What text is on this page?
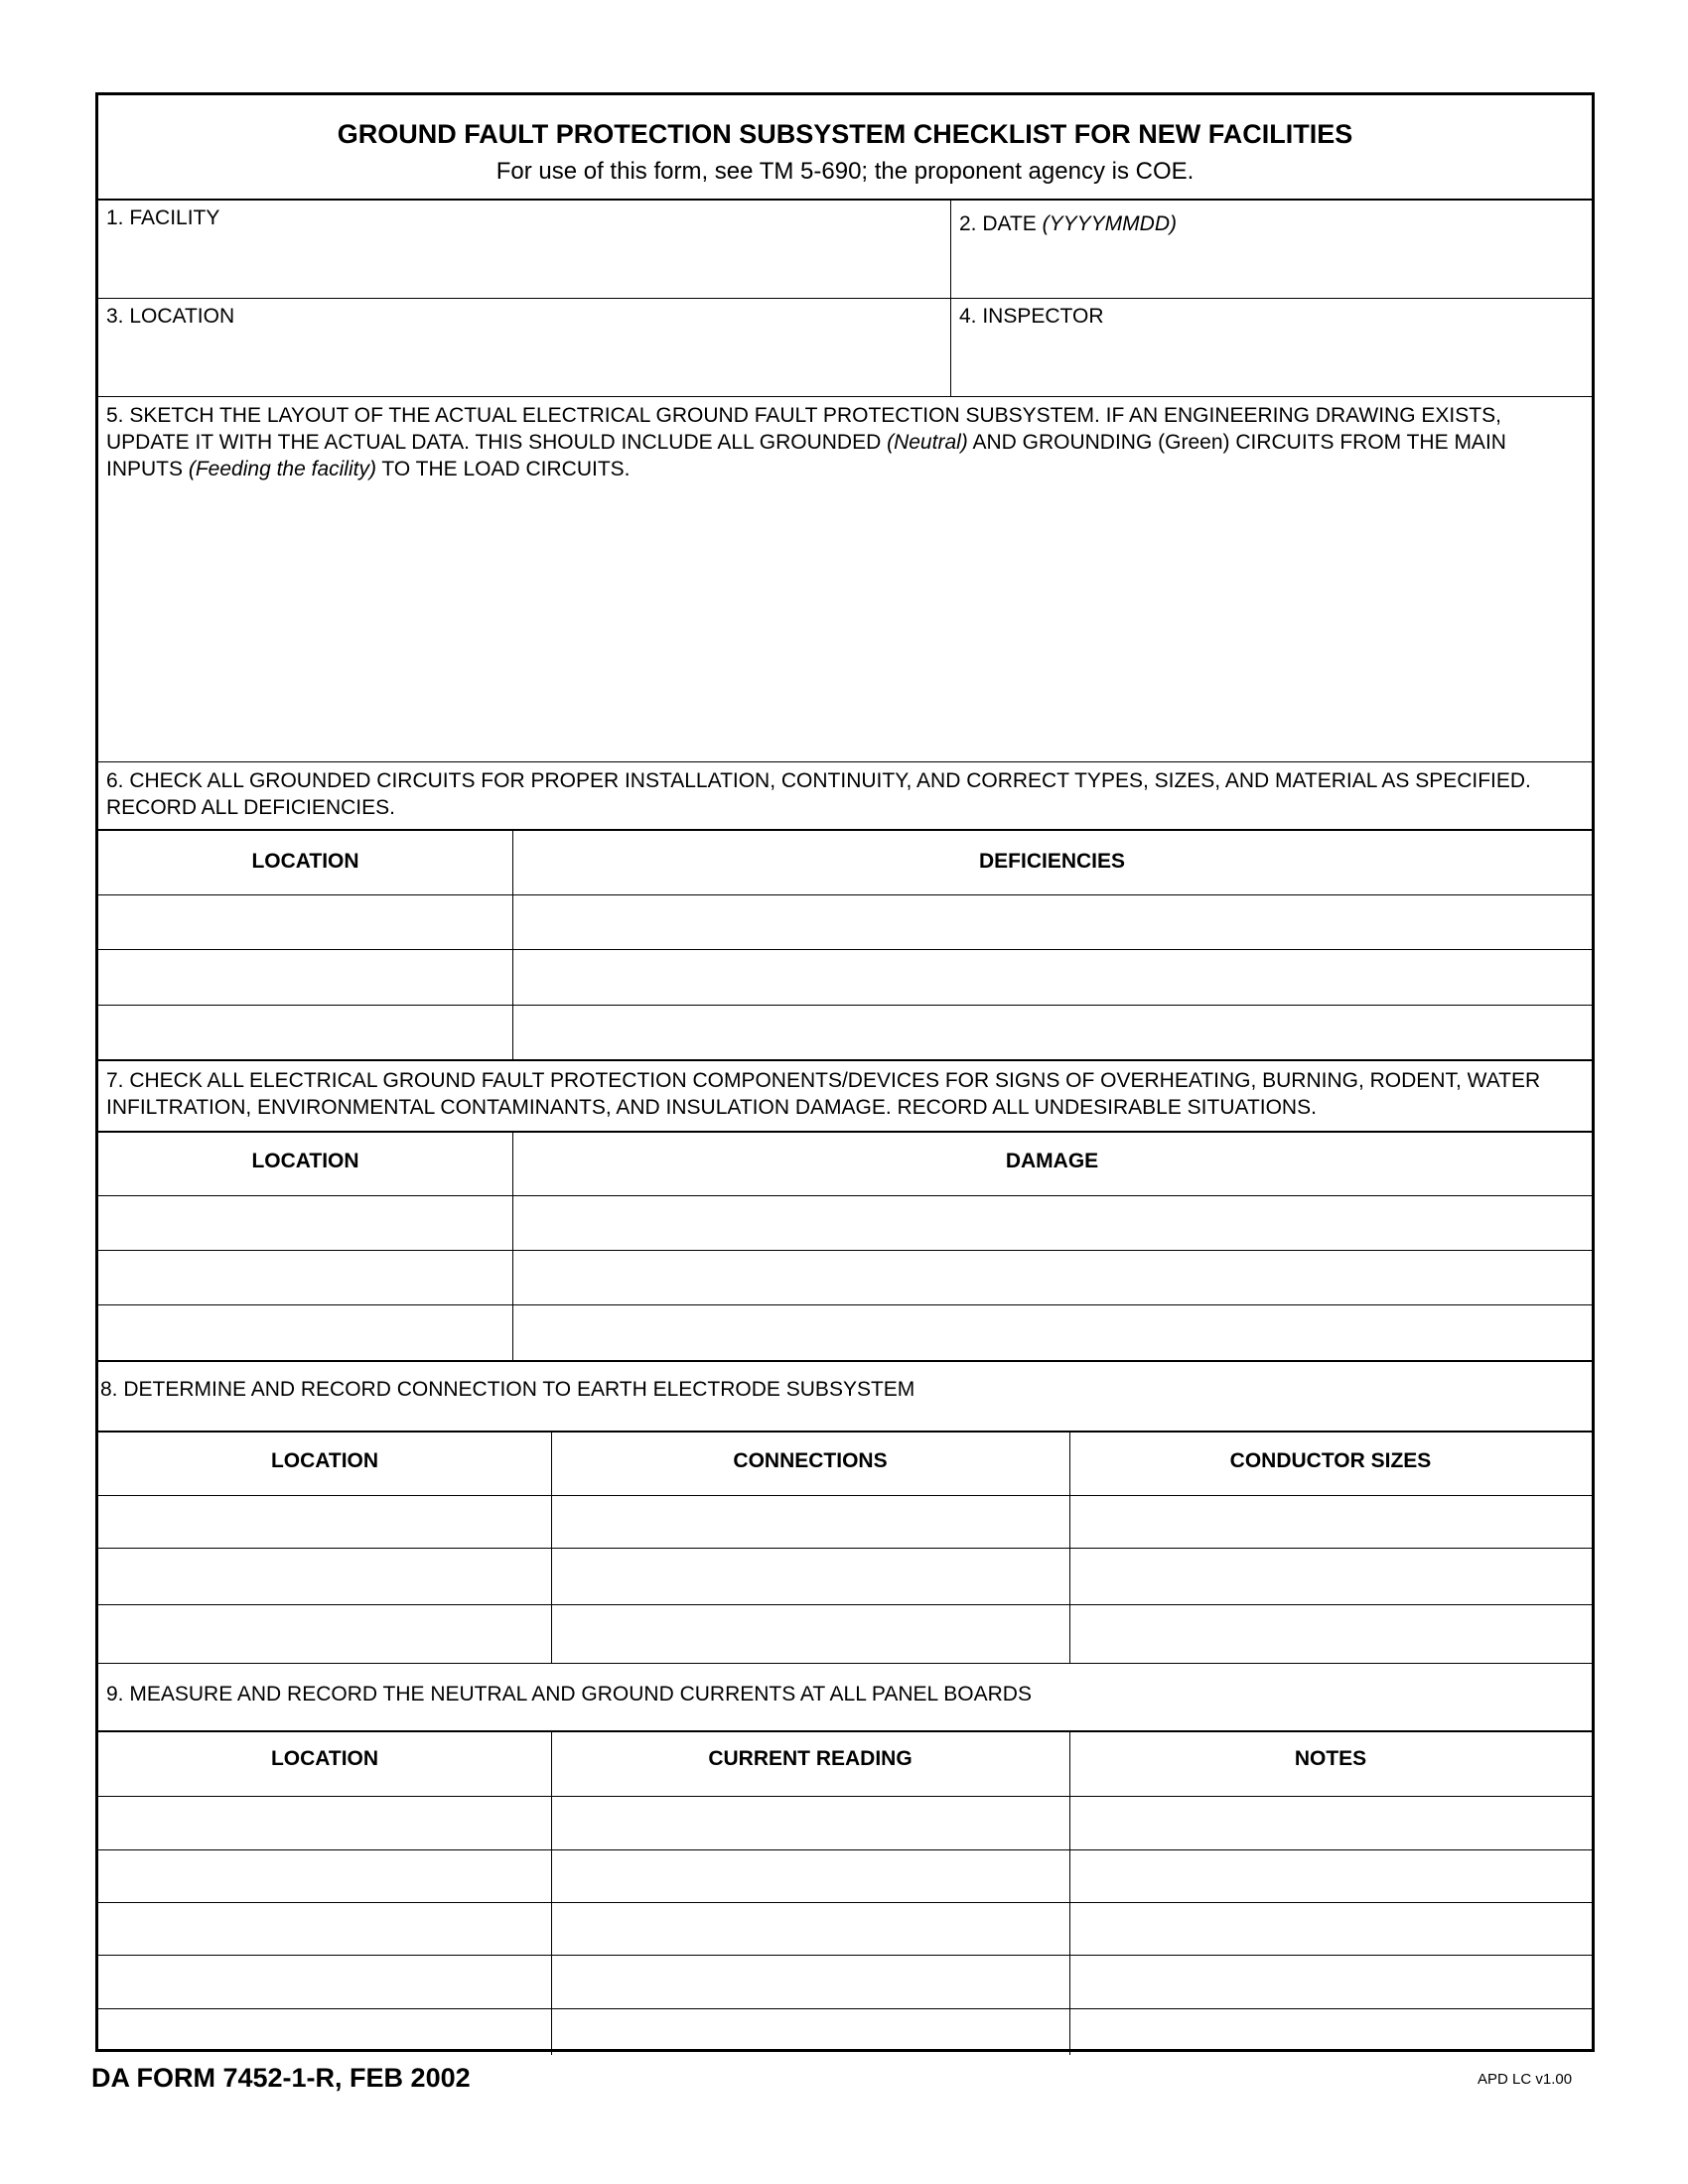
GROUND FAULT PROTECTION SUBSYSTEM CHECKLIST FOR NEW FACILITIES
For use of this form, see TM 5-690; the proponent agency is COE.
1. FACILITY	2. DATE (YYYYMMDD)
3. LOCATION	4. INSPECTOR
5. SKETCH THE LAYOUT OF THE ACTUAL ELECTRICAL GROUND FAULT PROTECTION SUBSYSTEM. IF AN ENGINEERING DRAWING EXISTS, UPDATE IT WITH THE ACTUAL DATA. THIS SHOULD INCLUDE ALL GROUNDED (Neutral) AND GROUNDING (Green) CIRCUITS FROM THE MAIN INPUTS (Feeding the facility) TO THE LOAD CIRCUITS.
6. CHECK ALL GROUNDED CIRCUITS FOR PROPER INSTALLATION, CONTINUITY, AND CORRECT TYPES, SIZES, AND MATERIAL AS SPECIFIED. RECORD ALL DEFICIENCIES.
LOCATION	DEFICIENCIES
7. CHECK ALL ELECTRICAL GROUND FAULT PROTECTION COMPONENTS/DEVICES FOR SIGNS OF OVERHEATING, BURNING, RODENT, WATER INFILTRATION, ENVIRONMENTAL CONTAMINANTS, AND INSULATION DAMAGE. RECORD ALL UNDESIRABLE SITUATIONS.
LOCATION	DAMAGE
8. DETERMINE AND RECORD CONNECTION TO EARTH ELECTRODE SUBSYSTEM
LOCATION	CONNECTIONS	CONDUCTOR SIZES
9. MEASURE AND RECORD THE NEUTRAL AND GROUND CURRENTS AT ALL PANEL BOARDS
LOCATION	CURRENT READING	NOTES
DA FORM 7452-1-R, FEB 2002	APD LC v1.00
